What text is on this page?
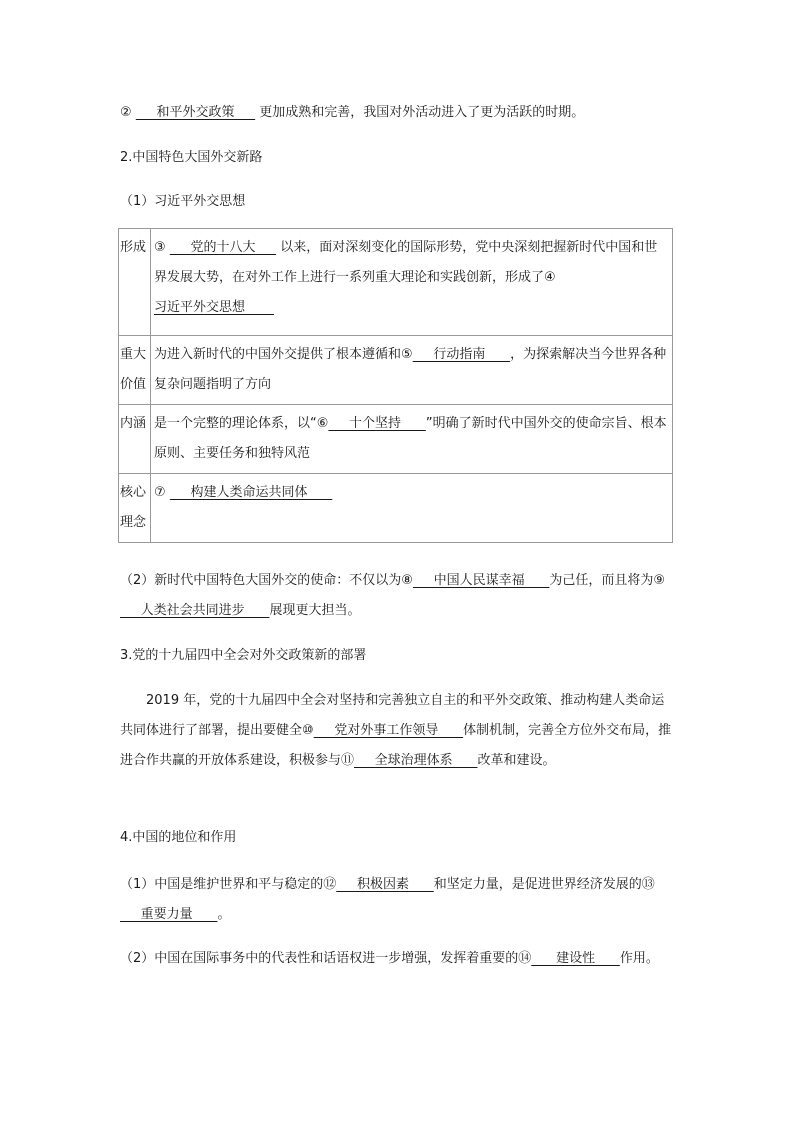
②      和平外交政策      更加成熟和完善，我国对外活动进入了更为活跃的时期。
2.中国特色大国外交新路
（1）习近平外交思想
形成	③      党的十八大      以来，面对深刻变化的国际形势，党中央深刻把握新时代中国和世界发展大势，在对外工作上进行一系列重大理论和实践创新，形成了④习近平外交思想
重大价值	为进入新时代的中国外交提供了根本遵循和⑤     行动指南      ，为探索解决当今世界各种复杂问题指明了方向
内涵	是一个完整的理论体系，以“⑥     十个坚持      ”明确了新时代中国外交的使命宗旨、根本原则、主要任务和独特风范
核心理念	⑦      构建人类命运共同体
（2）新时代中国特色大国外交的使命：不仅以为⑧     中国人民谋幸福      为己任，而且将为⑨     人类社会共同进步      展现更大担当。
3.党的十九届四中全会对外交政策新的部署
2019 年，党的十九届四中全会对坚持和完善独立自主的和平外交政策、推动构建人类命运共同体进行了部署，提出要健全⑩     党对外事工作领导      体制机制，完善全方位外交布局，推进合作共赢的开放体系建设，积极参与⑪     全球治理体系      改革和建设。
4.中国的地位和作用
（1）中国是维护世界和平与稳定的⑫     积极因素      和坚定力量，是促进世界经济发展的⑬     重要力量      。
（2）中国在国际事务中的代表性和话语权进一步增强，发挥着重要的⑭      建设性      作用。
